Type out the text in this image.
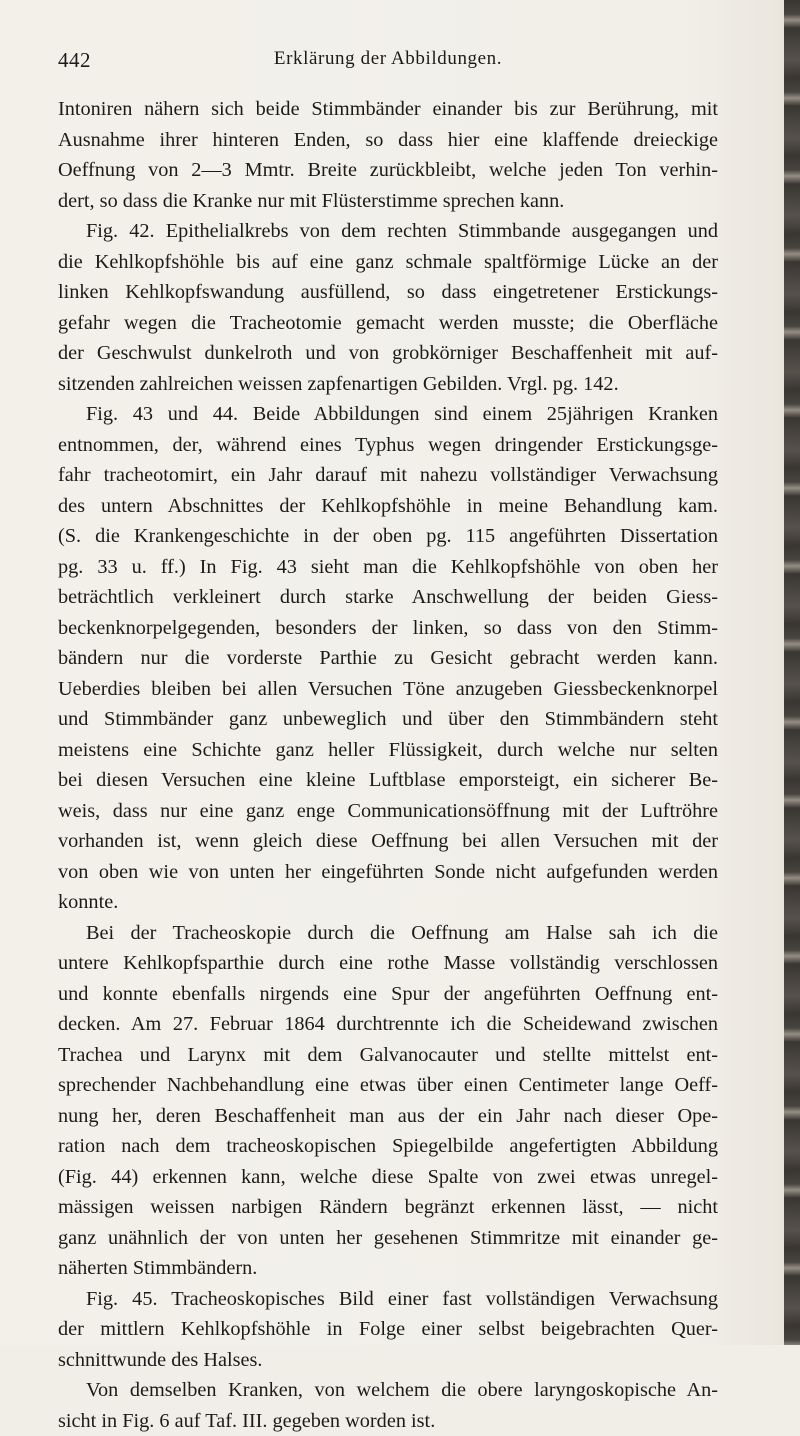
442	Erklärung der Abbildungen.

Intoniren nähern sich beide Stimmbänder einander bis zur Berührung, mit
Ausnahme ihrer hinteren Enden, so dass hier eine klaffende dreieckige
Oeffnung von 2—3 Mmtr. Breite zurückbleibt, welche jeden Ton verhin-
dert, so dass die Kranke nur mit Flüsterstimme sprechen kann.

Fig. 42. Epithelialkrebs von dem rechten Stimmbande ausgegangen und
die Kehlkopfshöhle bis auf eine ganz schmale spaltförmige Lücke an der
linken Kehlkopfswandung ausfüllend, so dass eingetretener Erstickungs-
gefahr wegen die Tracheotomie gemacht werden musste; die Oberfläche
der Geschwulst dunkelroth und von grobkörniger Beschaffenheit mit auf-
sitzenden zahlreichen weissen zapfenartigen Gebilden. Vrgl. pg. 142.

Fig. 43 und 44. Beide Abbildungen sind einem 25jährigen Kranken
entnommen, der, während eines Typhus wegen dringender Erstickungsge-
fahr tracheotomirt, ein Jahr darauf mit nahezu vollständiger Verwachsung
des untern Abschnittes der Kehlkopfshöhle in meine Behandlung kam.
(S. die Krankengeschichte in der oben pg. 115 angeführten Dissertation
pg. 33 u. ff.) In Fig. 43 sieht man die Kehlkopfshöhle von oben her
beträchtlich verkleinert durch starke Anschwellung der beiden Giess-
beckenknorpelgegenden, besonders der linken, so dass von den Stimm-
bändern nur die vorderste Parthie zu Gesicht gebracht werden kann.
Ueberdies bleiben bei allen Versuchen Töne anzugeben Giessbeckenknorpel
und Stimmbänder ganz unbeweglich und über den Stimmbändern steht
meistens eine Schichte ganz heller Flüssigkeit, durch welche nur selten
bei diesen Versuchen eine kleine Luftblase emporsteigt, ein sicherer Be-
weis, dass nur eine ganz enge Communicationsöffnung mit der Luftröhre
vorhanden ist, wenn gleich diese Oeffnung bei allen Versuchen mit der
von oben wie von unten her eingeführten Sonde nicht aufgefunden werden
konnte.

Bei der Tracheoskopie durch die Oeffnung am Halse sah ich die
untere Kehlkopfsparthie durch eine rothe Masse vollständig verschlossen
und konnte ebenfalls nirgends eine Spur der angeführten Oeffnung ent-
decken. Am 27. Februar 1864 durchtrennte ich die Scheidewand zwischen
Trachea und Larynx mit dem Galvanocauter und stellte mittelst ent-
sprechender Nachbehandlung eine etwas über einen Centimeter lange Oeff-
nung her, deren Beschaffenheit man aus der ein Jahr nach dieser Ope-
ration nach dem tracheoskopischen Spiegelbilde angefertigten Abbildung
(Fig. 44) erkennen kann, welche diese Spalte von zwei etwas unregel-
mässigen weissen narbigen Rändern begränzt erkennen lässt, — nicht
ganz unähnlich der von unten her gesehenen Stimmritze mit einander ge-
näherten Stimmbändern.

Fig. 45. Tracheoskopisches Bild einer fast vollständigen Verwachsung
der mittlern Kehlkopfshöhle in Folge einer selbst beigebrachten Quer-
schnittwunde des Halses.

Von demselben Kranken, von welchem die obere laryngoskopische An-
sicht in Fig. 6 auf Taf. III. gegeben worden ist.
